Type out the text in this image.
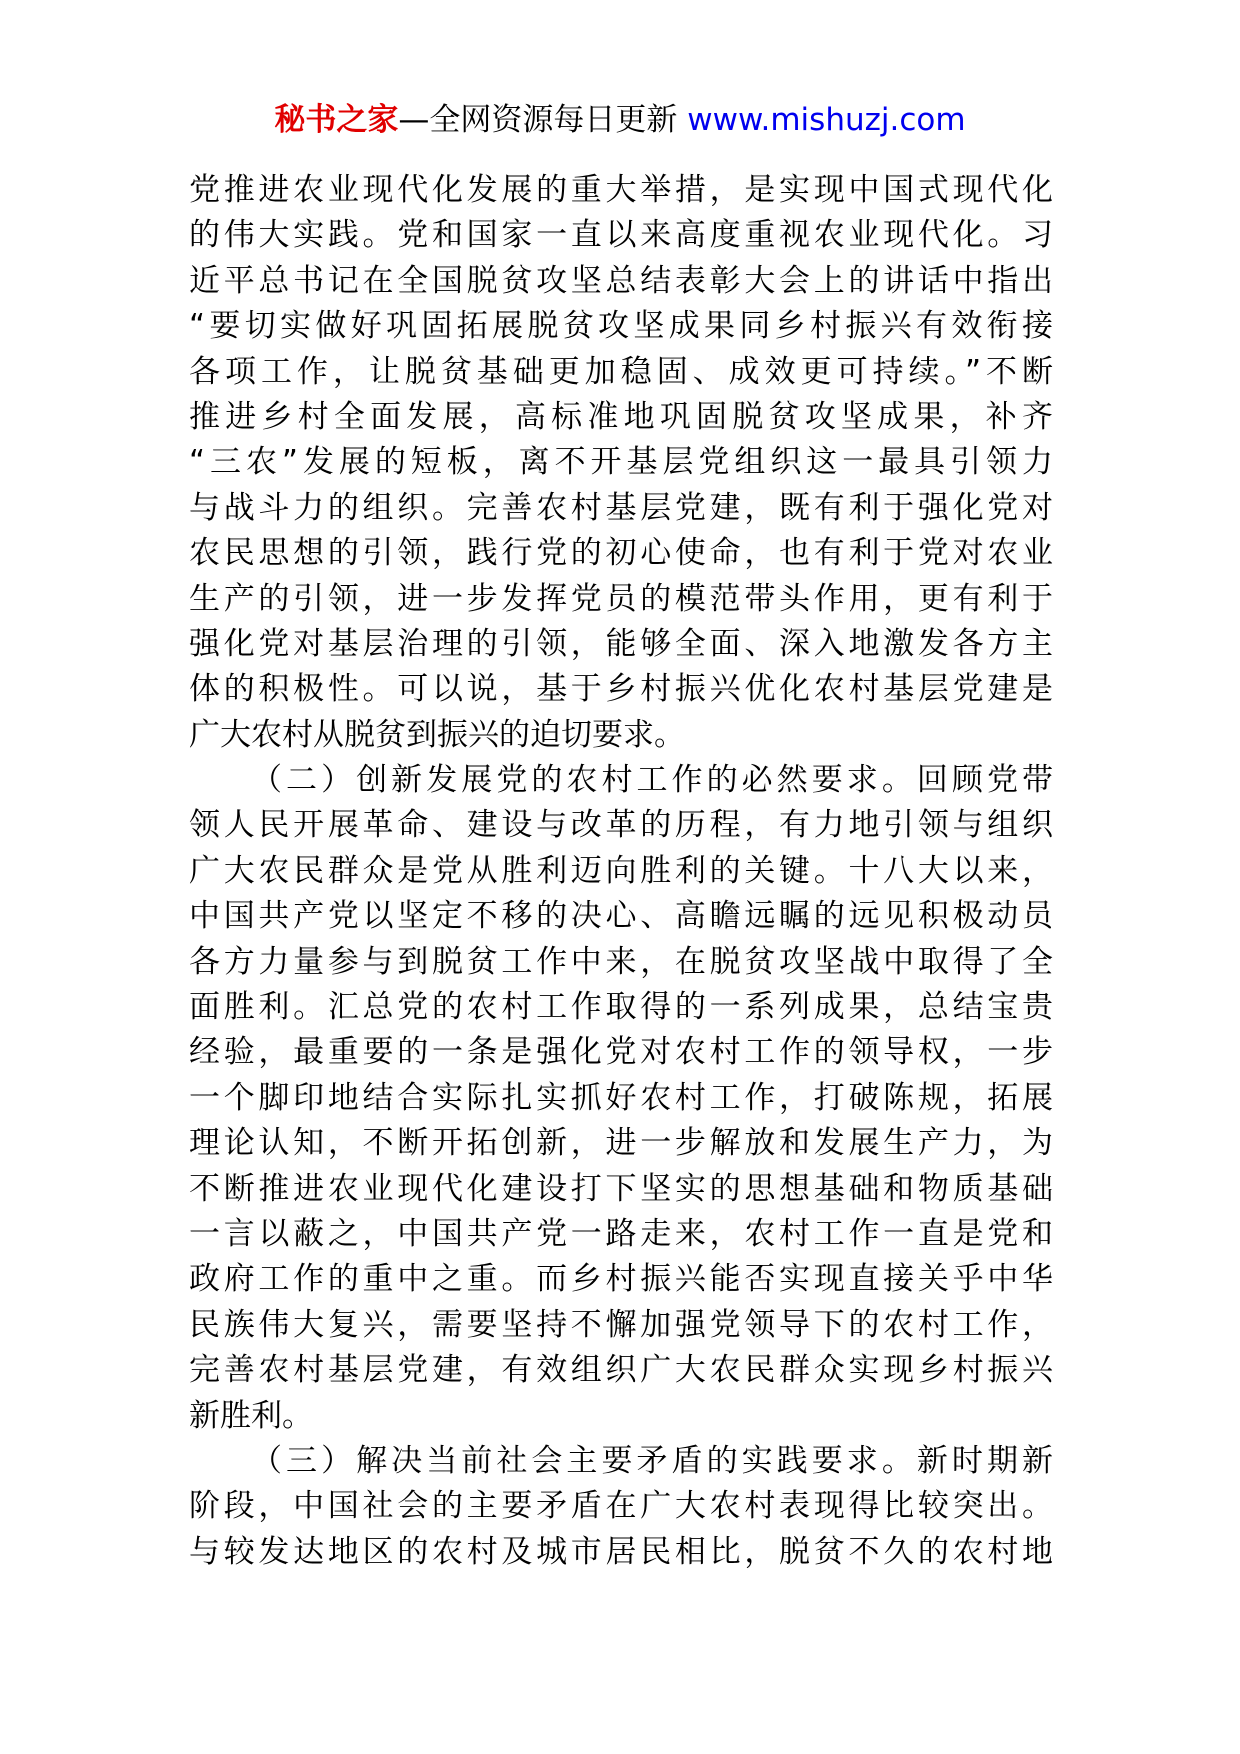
秘书之家—全网资源每日更新 www.mishuzj.com
党推进农业现代化发展的重大举措，是实现中国式现代化
的伟大实践。党和国家一直以来高度重视农业现代化。习
近平总书记在全国脱贫攻坚总结表彰大会上的讲话中指出
“要切实做好巩固拓展脱贫攻坚成果同乡村振兴有效衔接
各项工作，让脱贫基础更加稳固、成效更可持续。”不断
推进乡村全面发展，高标准地巩固脱贫攻坚成果，补齐
“三农”发展的短板，离不开基层党组织这一最具引领力
与战斗力的组织。完善农村基层党建，既有利于强化党对
农民思想的引领，践行党的初心使命，也有利于党对农业
生产的引领，进一步发挥党员的模范带头作用，更有利于
强化党对基层治理的引领，能够全面、深入地激发各方主
体的积极性。可以说，基于乡村振兴优化农村基层党建是
广大农村从脱贫到振兴的迫切要求。
（二）创新发展党的农村工作的必然要求。回顾党带
领人民开展革命、建设与改革的历程，有力地引领与组织
广大农民群众是党从胜利迈向胜利的关键。十八大以来，
中国共产党以坚定不移的决心、高瞻远瞩的远见积极动员
各方力量参与到脱贫工作中来，在脱贫攻坚战中取得了全
面胜利。汇总党的农村工作取得的一系列成果，总结宝贵
经验，最重要的一条是强化党对农村工作的领导权，一步
一个脚印地结合实际扎实抓好农村工作，打破陈规，拓展
理论认知，不断开拓创新，进一步解放和发展生产力，为
不断推进农业现代化建设打下坚实的思想基础和物质基础
一言以蔽之，中国共产党一路走来，农村工作一直是党和
政府工作的重中之重。而乡村振兴能否实现直接关乎中华
民族伟大复兴，需要坚持不懈加强党领导下的农村工作，
完善农村基层党建，有效组织广大农民群众实现乡村振兴
新胜利。
（三）解决当前社会主要矛盾的实践要求。新时期新
阶段，中国社会的主要矛盾在广大农村表现得比较突出。
与较发达地区的农村及城市居民相比，脱贫不久的农村地
